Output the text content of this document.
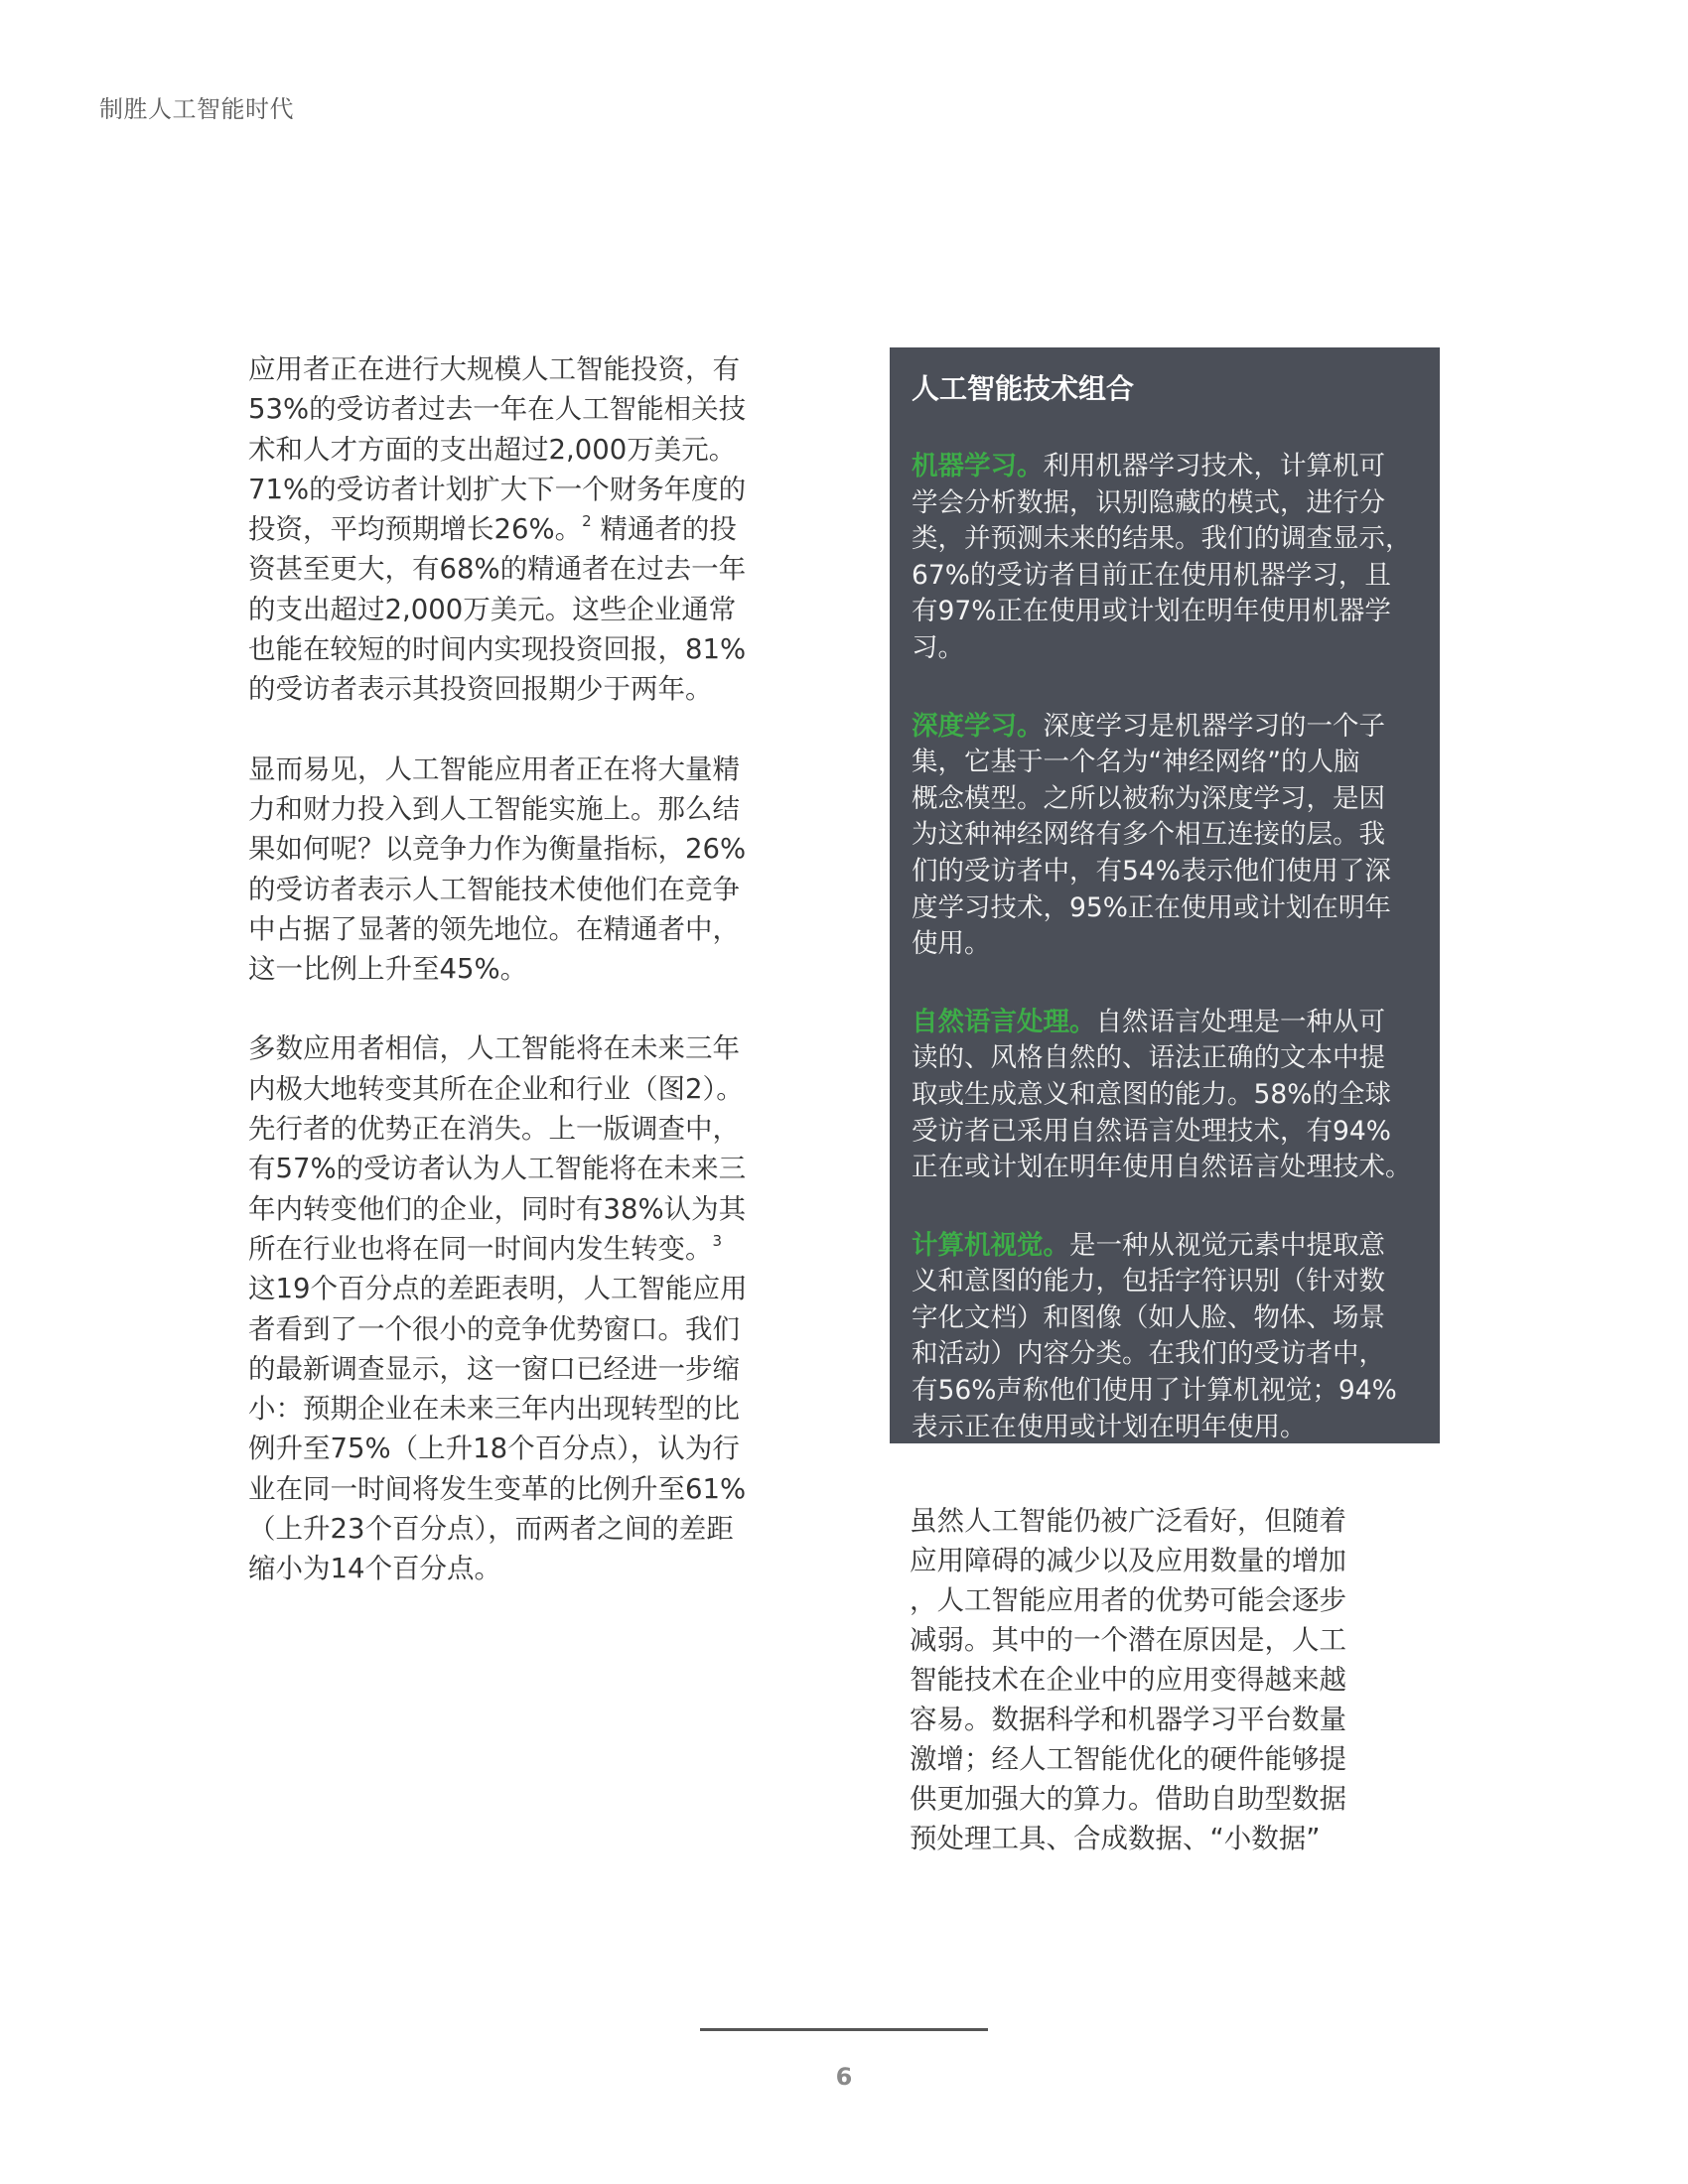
制胜人工智能时代

应用者正在进行大规模人工智能投资，有
53%的受访者过去一年在人工智能相关技
术和人才方面的支出超过2,000万美元。
71%的受访者计划扩大下一个财务年度的
投资，平均预期增长26%。$^2$ 精通者的投
资甚至更大，有68%的精通者在过去一年
的支出超过2,000万美元。这些企业通常
也能在较短的时间内实现投资回报，81%
的受访者表示其投资回报期少于两年。

显而易见，人工智能应用者正在将大量精
力和财力投入到人工智能实施上。那么结
果如何呢？以竞争力作为衡量指标，26%
的受访者表示人工智能技术使他们在竞争
中占据了显著的领先地位。在精通者中，
这一比例上升至45%。

多数应用者相信，人工智能将在未来三年
内极大地转变其所在企业和行业（图2）。
先行者的优势正在消失。上一版调查中，
有57%的受访者认为人工智能将在未来三
年内转变他们的企业，同时有38%认为其
所在行业也将在同一时间内发生转变。$^3$
这19个百分点的差距表明，人工智能应用
者看到了一个很小的竞争优势窗口。我们
的最新调查显示，这一窗口已经进一步缩
小：预期企业在未来三年内出现转型的比
例升至75%（上升18个百分点），认为行
业在同一时间将发生变革的比例升至61%
（上升23个百分点），而两者之间的差距
缩小为14个百分点。

人工智能技术组合
机器学习。利用机器学习技术，计算机可
学会分析数据，识别隐藏的模式，进行分
类，并预测未来的结果。我们的调查显示，
67%的受访者目前正在使用机器学习，且
有97%正在使用或计划在明年使用机器学
习。
深度学习。深度学习是机器学习的一个子
集，它基于一个名为“神经网络”的人脑
概念模型。之所以被称为深度学习，是因
为这种神经网络有多个相互连接的层。我
们的受访者中，有54%表示他们使用了深
度学习技术，95%正在使用或计划在明年
使用。
自然语言处理。自然语言处理是一种从可
读的、风格自然的、语法正确的文本中提
取或生成意义和意图的能力。58%的全球
受访者已采用自然语言处理技术，有94%
正在或计划在明年使用自然语言处理技术。
计算机视觉。是一种从视觉元素中提取意
义和意图的能力，包括字符识别（针对数
字化文档）和图像（如人脸、物体、场景
和活动）内容分类。在我们的受访者中，
有56%声称他们使用了计算机视觉；94%
表示正在使用或计划在明年使用。
虽然人工智能仍被广泛看好，但随着
应用障碍的减少以及应用数量的增加
，人工智能应用者的优势可能会逐步
减弱。其中的一个潜在原因是，人工
智能技术在企业中的应用变得越来越
容易。数据科学和机器学习平台数量
激增；经人工智能优化的硬件能够提
供更加强大的算力。借助自助型数据
预处理工具、合成数据、“小数据”
6
